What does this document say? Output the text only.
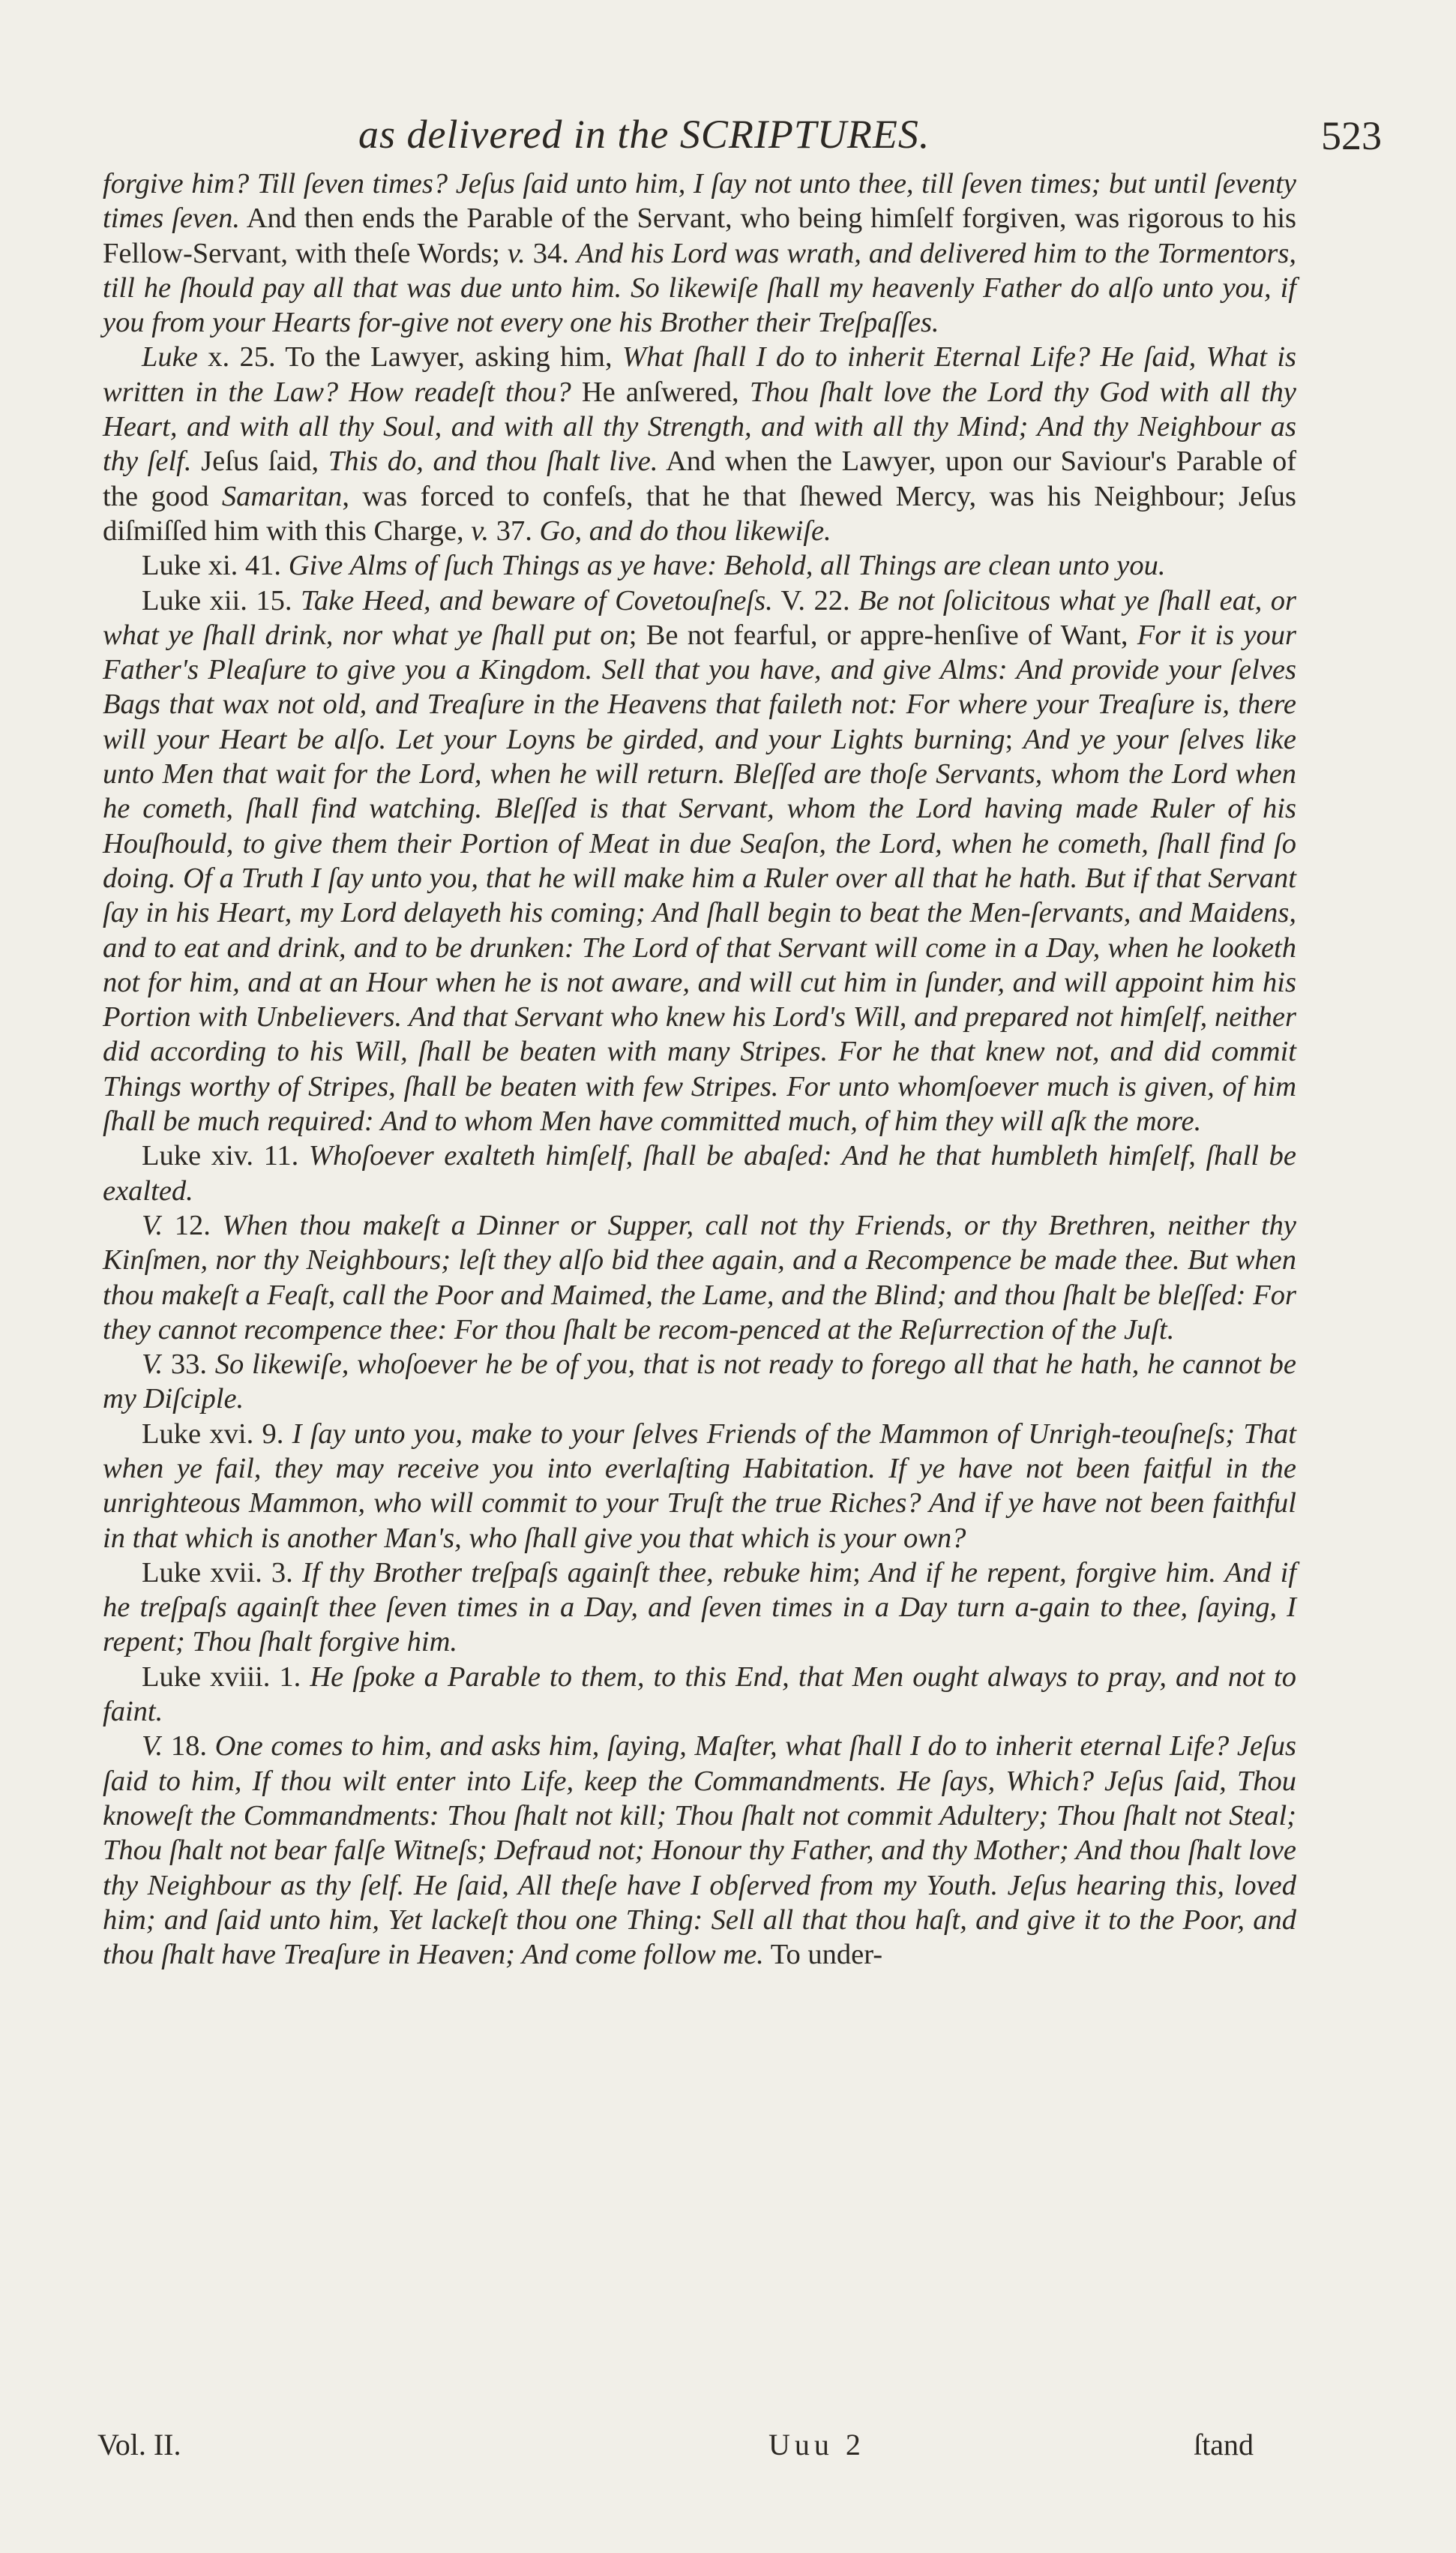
as delivered in the SCRIPTURES.	523

forgive him? Till ſeven times? Jeſus ſaid unto him, I ſay not unto thee, till ſeven times; but until ſeventy times ſeven. And then ends the Parable of the Servant, who being himſelf forgiven, was rigorous to his Fellow-Servant, with theſe Words; v. 34. And his Lord was wrath, and delivered him to the Tormentors, till he ſhould pay all that was due unto him. So likewiſe ſhall my heavenly Father do alſo unto you, if you from your Hearts for-give not every one his Brother their Treſpaſſes.

Luke x. 25. To the Lawyer, asking him, What ſhall I do to inherit Eternal Life? He ſaid, What is written in the Law? How readeſt thou? He anſwered, Thou ſhalt love the Lord thy God with all thy Heart, and with all thy Soul, and with all thy Strength, and with all thy Mind; And thy Neighbour as thy ſelf. Jeſus ſaid, This do, and thou ſhalt live. And when the Lawyer, upon our Saviour's Parable of the good Samaritan, was forced to confeſs, that he that ſhewed Mercy, was his Neighbour; Jeſus diſmiſſed him with this Charge, v. 37. Go, and do thou likewiſe.

Luke xi. 41. Give Alms of ſuch Things as ye have: Behold, all Things are clean unto you.

Luke xii. 15. Take Heed, and beware of Covetouſneſs. V. 22. Be not ſolicitous what ye ſhall eat, or what ye ſhall drink, nor what ye ſhall put on; Be not fearful, or appre-henſive of Want, For it is your Father's Pleaſure to give you a Kingdom. Sell that you have, and give Alms: And provide your ſelves Bags that wax not old, and Treaſure in the Heavens that faileth not: For where your Treaſure is, there will your Heart be alſo. Let your Loyns be girded, and your Lights burning; And ye your ſelves like unto Men that wait for the Lord, when he will return. Bleſſed are thoſe Servants, whom the Lord when he cometh, ſhall find watching. Bleſſed is that Servant, whom the Lord having made Ruler of his Houſhould, to give them their Portion of Meat in due Seaſon, the Lord, when he cometh, ſhall find ſo doing. Of a Truth I ſay unto you, that he will make him a Ruler over all that he hath. But if that Servant ſay in his Heart, my Lord delayeth his coming; And ſhall begin to beat the Men-ſervants, and Maidens, and to eat and drink, and to be drunken: The Lord of that Servant will come in a Day, when he looketh not for him, and at an Hour when he is not aware, and will cut him in ſunder, and will appoint him his Portion with Unbelievers. And that Servant who knew his Lord's Will, and prepared not himſelf, neither did according to his Will, ſhall be beaten with many Stripes. For he that knew not, and did commit Things worthy of Stripes, ſhall be beaten with few Stripes. For unto whomſoever much is given, of him ſhall be much required: And to whom Men have committed much, of him they will aſk the more.

Luke xiv. 11. Whoſoever exalteth himſelf, ſhall be abaſed: And he that humbleth himſelf, ſhall be exalted.

V. 12. When thou makeſt a Dinner or Supper, call not thy Friends, or thy Brethren, neither thy Kinſmen, nor thy Neighbours; leſt they alſo bid thee again, and a Recompence be made thee. But when thou makeſt a Feaſt, call the Poor and Maimed, the Lame, and the Blind; and thou ſhalt be bleſſed: For they cannot recompence thee: For thou ſhalt be recom-penced at the Reſurrection of the Juſt.

V. 33. So likewiſe, whoſoever he be of you, that is not ready to forego all that he hath, he cannot be my Diſciple.

Luke xvi. 9. I ſay unto you, make to your ſelves Friends of the Mammon of Unrigh-teouſneſs; That when ye fail, they may receive you into everlaſting Habitation. If ye have not been faitful in the unrighteous Mammon, who will commit to your Truſt the true Riches? And if ye have not been faithful in that which is another Man's, who ſhall give you that which is your own?

Luke xvii. 3. If thy Brother treſpaſs againſt thee, rebuke him; And if he repent, forgive him. And if he treſpaſs againſt thee ſeven times in a Day, and ſeven times in a Day turn a-gain to thee, ſaying, I repent; Thou ſhalt forgive him.

Luke xviii. 1. He ſpoke a Parable to them, to this End, that Men ought always to pray, and not to faint.

V. 18. One comes to him, and asks him, ſaying, Maſter, what ſhall I do to inherit eternal Life? Jeſus ſaid to him, If thou wilt enter into Life, keep the Commandments. He ſays, Which? Jeſus ſaid, Thou knoweſt the Commandments: Thou ſhalt not kill; Thou ſhalt not commit Adultery; Thou ſhalt not Steal; Thou ſhalt not bear falſe Witneſs; Defraud not; Honour thy Father, and thy Mother; And thou ſhalt love thy Neighbour as thy ſelf. He ſaid, All theſe have I obſerved from my Youth. Jeſus hearing this, loved him; and ſaid unto him, Yet lackeſt thou one Thing: Sell all that thou haſt, and give it to the Poor, and thou ſhalt have Treaſure in Heaven; And come follow me. To under-

Vol. II.	Uuu 2	ſtand
